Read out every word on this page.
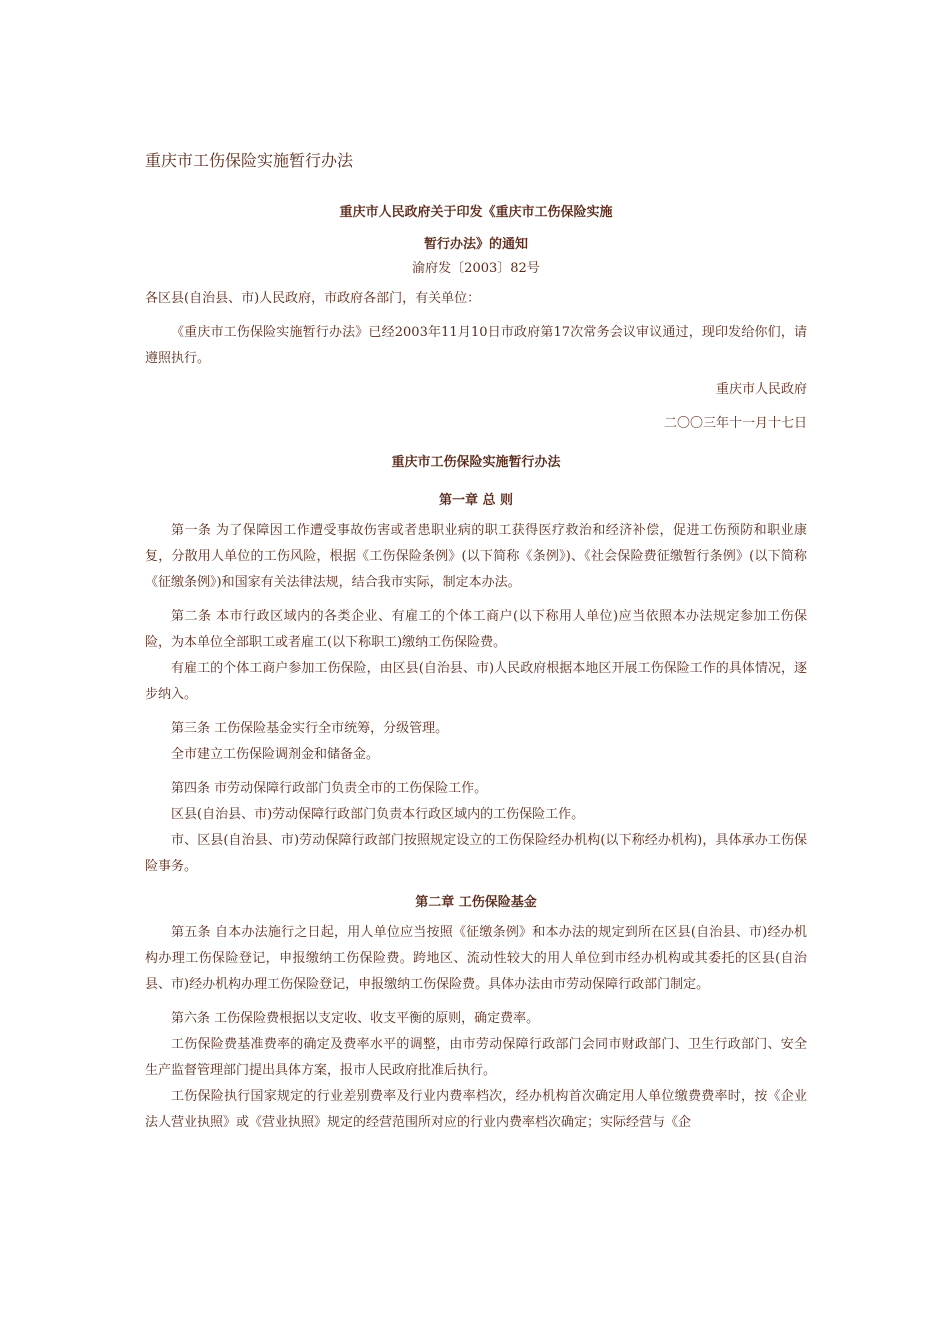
重庆市工伤保险实施暂行办法
重庆市人民政府关于印发《重庆市工伤保险实施
暂行办法》的通知
渝府发〔2003〕82号

各区县(自治县、市)人民政府，市政府各部门，有关单位：

《重庆市工伤保险实施暂行办法》已经2003年11月10日市政府第17次常务会议审议通过，现印发给你们，请遵照执行。

重庆市人民政府
二〇〇三年十一月十七日
重庆市工伤保险实施暂行办法
第一章 总 则

第一条 为了保障因工作遭受事故伤害或者患职业病的职工获得医疗救治和经济补偿，促进工伤预防和职业康复，分散用人单位的工伤风险，根据《工伤保险条例》(以下简称《条例》)、《社会保险费征缴暂行条例》(以下简称《征缴条例》)和国家有关法律法规，结合我市实际，制定本办法。

第二条 本市行政区域内的各类企业、有雇工的个体工商户(以下称用人单位)应当依照本办法规定参加工伤保险，为本单位全部职工或者雇工(以下称职工)缴纳工伤保险费。

有雇工的个体工商户参加工伤保险，由区县(自治县、市)人民政府根据本地区开展工伤保险工作的具体情况，逐步纳入。

第三条 工伤保险基金实行全市统筹，分级管理。

全市建立工伤保险调剂金和储备金。

第四条 市劳动保障行政部门负责全市的工伤保险工作。

区县(自治县、市)劳动保障行政部门负责本行政区域内的工伤保险工作。

市、区县(自治县、市)劳动保障行政部门按照规定设立的工伤保险经办机构(以下称经办机构)，具体承办工伤保险事务。

第二章 工伤保险基金

第五条 自本办法施行之日起，用人单位应当按照《征缴条例》和本办法的规定到所在区县(自治县、市)经办机构办理工伤保险登记，申报缴纳工伤保险费。跨地区、流动性较大的用人单位到市经办机构或其委托的区县(自治县、市)经办机构办理工伤保险登记，申报缴纳工伤保险费。具体办法由市劳动保障行政部门制定。

第六条 工伤保险费根据以支定收、收支平衡的原则，确定费率。

工伤保险费基准费率的确定及费率水平的调整，由市劳动保障行政部门会同市财政部门、卫生行政部门、安全生产监督管理部门提出具体方案，报市人民政府批准后执行。

工伤保险执行国家规定的行业差别费率及行业内费率档次，经办机构首次确定用人单位缴费费率时，按《企业法人营业执照》或《营业执照》规定的经营范围所对应的行业内费率档次确定；实际经营与《企
